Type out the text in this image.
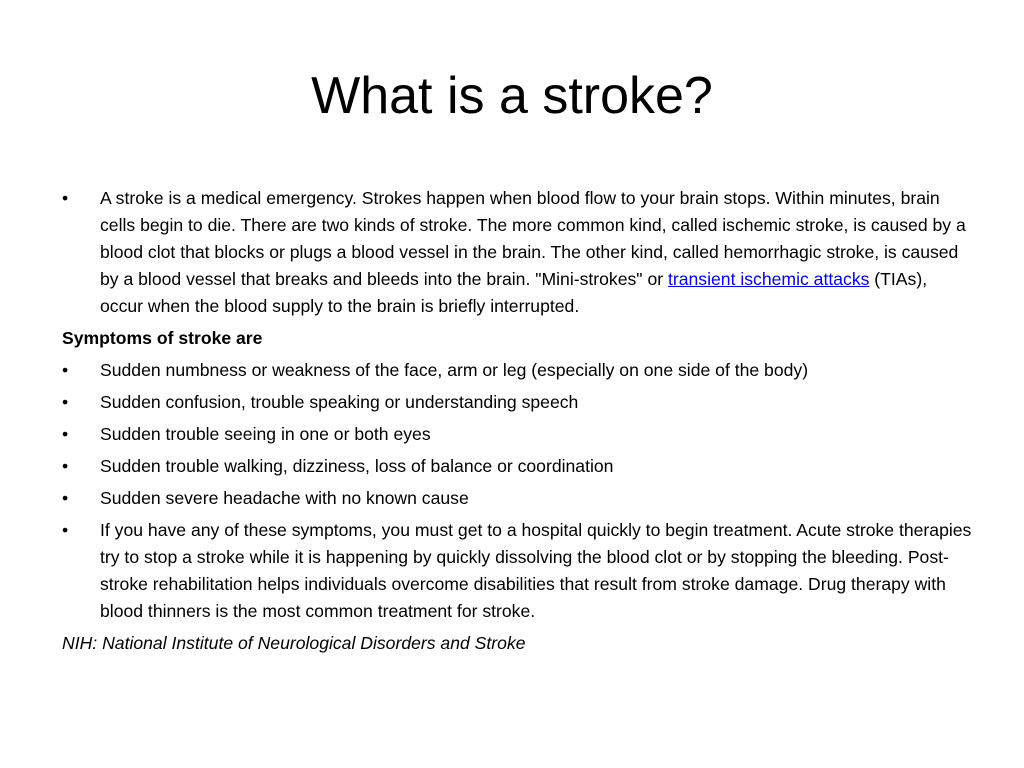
What is a stroke?
•	A stroke is a medical emergency. Strokes happen when blood flow to your brain stops. Within minutes, brain cells begin to die. There are two kinds of stroke. The more common kind, called ischemic stroke, is caused by a blood clot that blocks or plugs a blood vessel in the brain. The other kind, called hemorrhagic stroke, is caused by a blood vessel that breaks and bleeds into the brain. "Mini-strokes" or transient ischemic attacks (TIAs), occur when the blood supply to the brain is briefly interrupted.
Symptoms of stroke are
•	Sudden numbness or weakness of the face, arm or leg (especially on one side of the body)
•	Sudden confusion, trouble speaking or understanding speech
•	Sudden trouble seeing in one or both eyes
•	Sudden trouble walking, dizziness, loss of balance or coordination
•	Sudden severe headache with no known cause
•	If you have any of these symptoms, you must get to a hospital quickly to begin treatment. Acute stroke therapies try to stop a stroke while it is happening by quickly dissolving the blood clot or by stopping the bleeding. Post-stroke rehabilitation helps individuals overcome disabilities that result from stroke damage. Drug therapy with blood thinners is the most common treatment for stroke.
NIH: National Institute of Neurological Disorders and Stroke
